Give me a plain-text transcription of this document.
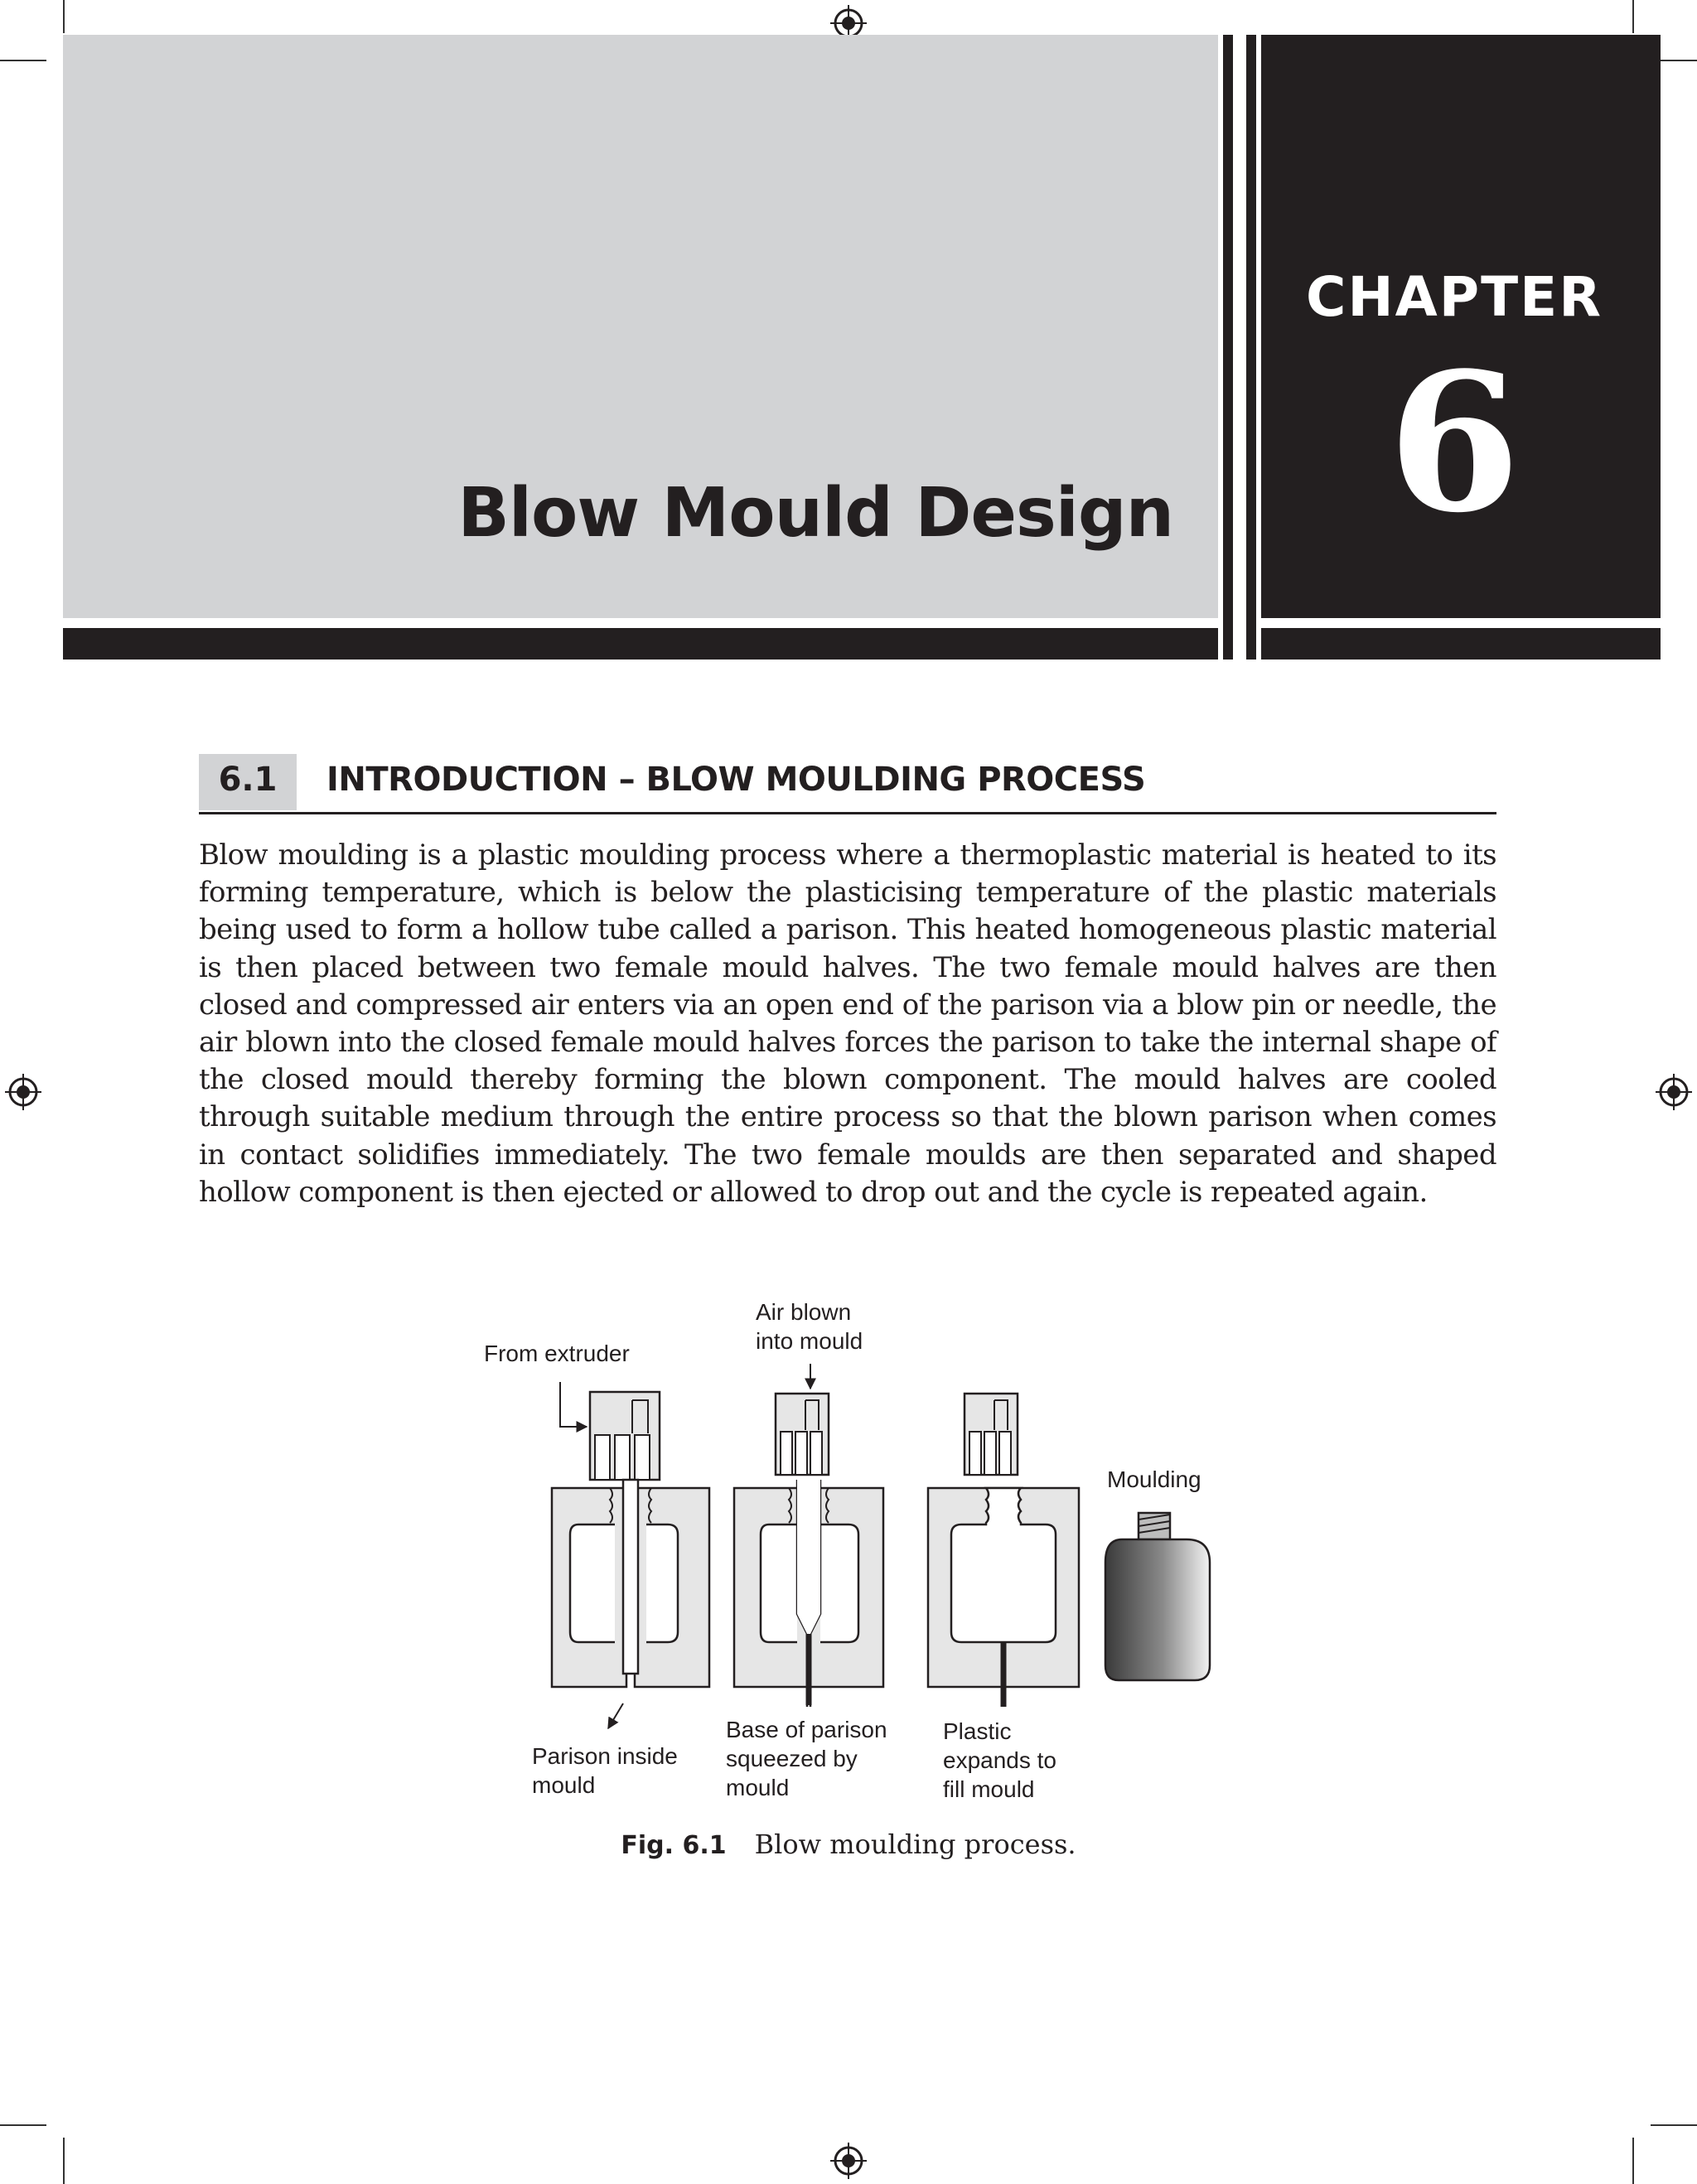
Blow Mould Design
CHAPTER
6
6.1	INTRODUCTION – BLOW MOULDING PROCESS
Blow moulding is a plastic moulding process where a thermoplastic material is heated to its forming temperature, which is below the plasticising temperature of the plastic materials being used to form a hollow tube called a parison. This heated homogeneous plastic material is then placed between two female mould halves. The two female mould halves are then closed and compressed air enters via an open end of the parison via a blow pin or needle, the air blown into the closed female mould halves forces the parison to take the internal shape of the closed mould thereby forming the blown component. The mould halves are cooled through suitable medium through the entire process so that the blown parison when comes in contact solidifies immediately. The two female moulds are then separated and shaped hollow component is then ejected or allowed to drop out and the cycle is repeated again.
From extruder
Air blown
into mould
Moulding
Parison inside
mould
Base of parison
squeezed by
mould
Plastic
expands to
fill mould
Fig. 6.1 Blow moulding process.
